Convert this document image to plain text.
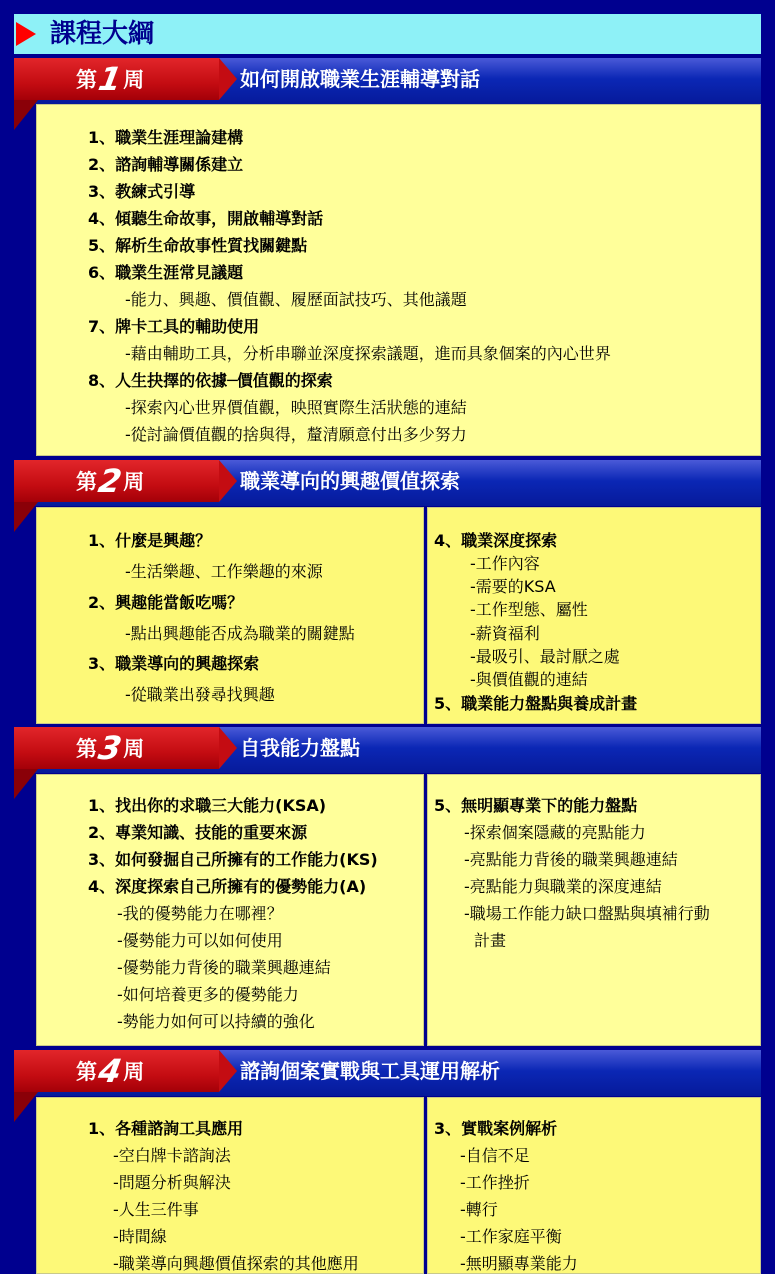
課程大綱
第1周	如何開啟職業生涯輔導對話
1、職業生涯理論建構
2、諮詢輔導關係建立
3、教練式引導
4、傾聽生命故事，開啟輔導對話
5、解析生命故事性質找關鍵點
6、職業生涯常見議題
-能力、興趣、價值觀、履歷面試技巧、其他議題
7、牌卡工具的輔助使用
-藉由輔助工具，分析串聯並深度探索議題，進而具象個案的內心世界
8、人生抉擇的依據─價值觀的探索
-探索內心世界價值觀，映照實際生活狀態的連結
-從討論價值觀的捨與得，釐清願意付出多少努力
第2周	職業導向的興趣價值探索
1、什麼是興趣？
-生活樂趣、工作樂趣的來源
2、興趣能當飯吃嗎？
-點出興趣能否成為職業的關鍵點
3、職業導向的興趣探索
-從職業出發尋找興趣
4、職業深度探索
-工作內容
-需要的KSA
-工作型態、屬性
-薪資福利
-最吸引、最討厭之處
-與價值觀的連結
5、職業能力盤點與養成計畫
第3周	自我能力盤點
1、找出你的求職三大能力(KSA)
2、專業知識、技能的重要來源
3、如何發掘自己所擁有的工作能力(KS)
4、深度探索自己所擁有的優勢能力(A)
-我的優勢能力在哪裡？
-優勢能力可以如何使用
-優勢能力背後的職業興趣連結
-如何培養更多的優勢能力
-勢能力如何可以持續的強化
5、無明顯專業下的能力盤點
-探索個案隱藏的亮點能力
-亮點能力背後的職業興趣連結
-亮點能力與職業的深度連結
-職場工作能力缺口盤點與填補行動
計畫
第4周	諮詢個案實戰與工具運用解析
1、各種諮詢工具應用
-空白牌卡諮詢法
-問題分析與解決
-人生三件事
-時間線
-職業導向興趣價值探索的其他應用
3、實戰案例解析
-自信不足
-工作挫折
-轉行
-工作家庭平衡
-無明顯專業能力
